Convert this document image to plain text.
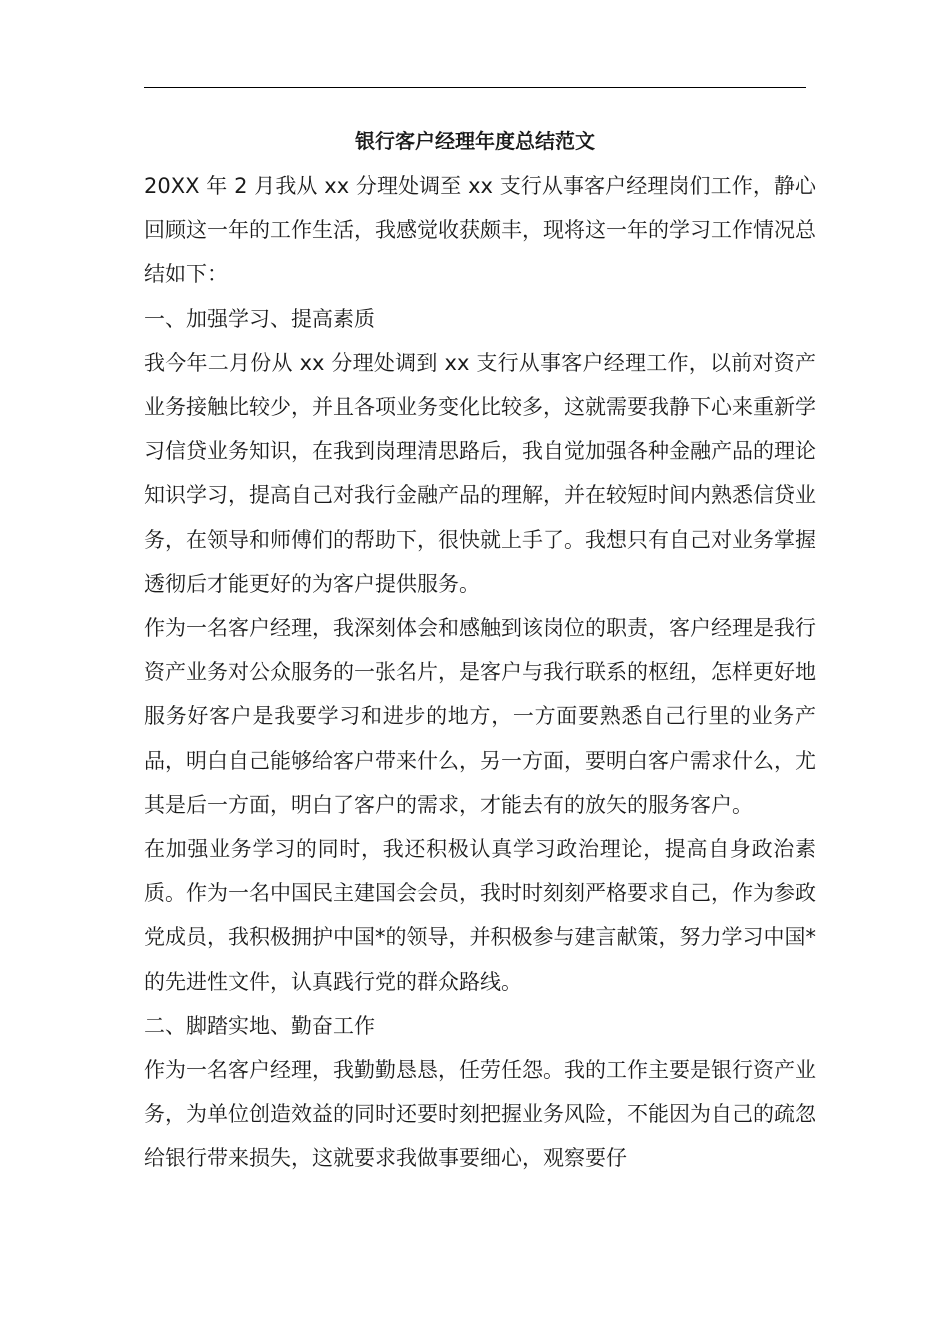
银行客户经理年度总结范文

20XX 年 2 月我从 xx 分理处调至 xx 支行从事客户经理岗们工作，静心回顾这一年的工作生活，我感觉收获颇丰，现将这一年的学习工作情况总结如下：

一、加强学习、提高素质

我今年二月份从 xx 分理处调到 xx 支行从事客户经理工作，以前对资产业务接触比较少，并且各项业务变化比较多，这就需要我静下心来重新学习信贷业务知识，在我到岗理清思路后，我自觉加强各种金融产品的理论知识学习，提高自己对我行金融产品的理解，并在较短时间内熟悉信贷业务，在领导和师傅们的帮助下，很快就上手了。我想只有自己对业务掌握透彻后才能更好的为客户提供服务。

作为一名客户经理，我深刻体会和感触到该岗位的职责，客户经理是我行资产业务对公众服务的一张名片，是客户与我行联系的枢纽，怎样更好地服务好客户是我要学习和进步的地方，一方面要熟悉自己行里的业务产品，明白自己能够给客户带来什么，另一方面，要明白客户需求什么，尤其是后一方面，明白了客户的需求，才能去有的放矢的服务客户。

在加强业务学习的同时，我还积极认真学习政治理论，提高自身政治素质。作为一名中国民主建国会会员，我时时刻刻严格要求自己，作为参政党成员，我积极拥护中国*的领导，并积极参与建言献策，努力学习中国*的先进性文件，认真践行党的群众路线。

二、脚踏实地、勤奋工作

作为一名客户经理，我勤勤恳恳，任劳任怨。我的工作主要是银行资产业务，为单位创造效益的同时还要时刻把握业务风险，不能因为自己的疏忽给银行带来损失，这就要求我做事要细心，观察要仔
